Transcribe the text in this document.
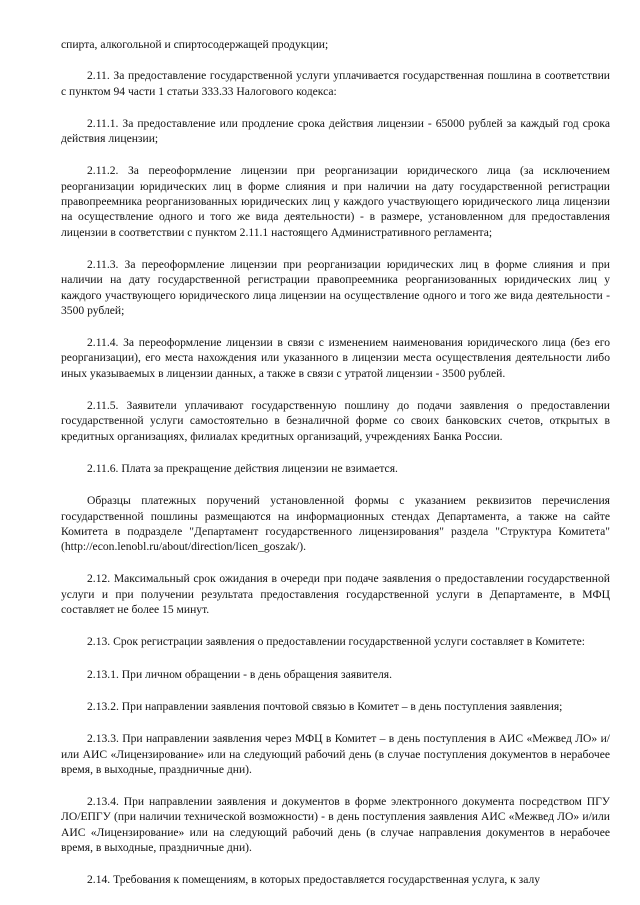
спирта, алкогольной и спиртосодержащей продукции;

2.11. За предоставление государственной услуги уплачивается государственная пошлина в соответствии с пунктом 94 части 1 статьи 333.33 Налогового кодекса:

2.11.1. За предоставление или продление срока действия лицензии - 65000 рублей за каждый год срока действия лицензии;

2.11.2. За переоформление лицензии при реорганизации юридического лица (за исключением реорганизации юридических лиц в форме слияния и при наличии на дату государственной регистрации правопреемника реорганизованных юридических лиц у каждого участвующего юридического лица лицензии на осуществление одного и того же вида деятельности) - в размере, установленном для предоставления лицензии в соответствии с пунктом 2.11.1 настоящего Административного регламента;

2.11.3. За переоформление лицензии при реорганизации юридических лиц в форме слияния и при наличии на дату государственной регистрации правопреемника реорганизованных юридических лиц у каждого участвующего юридического лица лицензии на осуществление одного и того же вида деятельности - 3500 рублей;

2.11.4. За переоформление лицензии в связи с изменением наименования юридического лица (без его реорганизации), его места нахождения или указанного в лицензии места осуществления деятельности либо иных указываемых в лицензии данных, а также в связи с утратой лицензии - 3500 рублей.

2.11.5. Заявители уплачивают государственную пошлину до подачи заявления о предоставлении государственной услуги самостоятельно в безналичной форме со своих банковских счетов, открытых в кредитных организациях, филиалах кредитных организаций, учреждениях Банка России.

2.11.6. Плата за прекращение действия лицензии не взимается.

Образцы платежных поручений установленной формы с указанием реквизитов перечисления государственной пошлины размещаются на информационных стендах Департамента, а также на сайте Комитета в подразделе "Департамент государственного лицензирования" раздела "Структура Комитета" (http://econ.lenobl.ru/about/direction/licen_goszak/).

2.12. Максимальный срок ожидания в очереди при подаче заявления о предоставлении государственной услуги и при получении результата предоставления государственной услуги в Департаменте, в МФЦ составляет не более 15 минут.

2.13. Срок регистрации заявления о предоставлении государственной услуги составляет в Комитете:

2.13.1. При личном обращении - в день обращения заявителя.

2.13.2. При направлении заявления почтовой связью в Комитет – в день поступления заявления;

2.13.3. При направлении заявления через МФЦ в Комитет – в день поступления в АИС «Межвед ЛО» и/или АИС «Лицензирование» или на следующий рабочий день (в случае поступления документов в нерабочее время, в выходные, праздничные дни).

2.13.4. При направлении заявления и документов в форме электронного документа посредством ПГУ ЛО/ЕПГУ (при наличии технической возможности) - в день поступления заявления АИС «Межвед ЛО» и/или АИС «Лицензирование» или на следующий рабочий день (в случае направления документов в нерабочее время, в выходные, праздничные дни).

2.14. Требования к помещениям, в которых предоставляется государственная услуга, к залу
